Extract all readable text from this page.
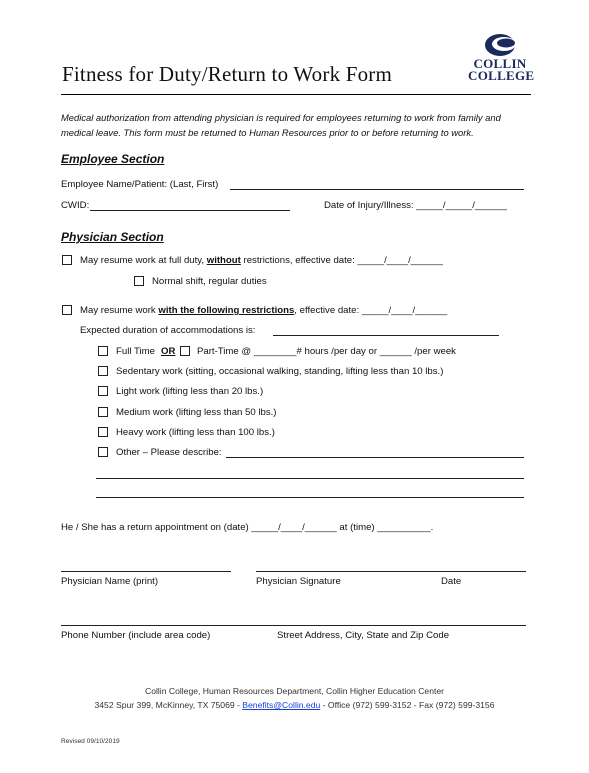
Fitness for Duty/Return to Work Form	COLLIN
COLLEGE
Medical authorization from attending physician is required for employees returning to work from family and medical leave. This form must be returned to Human Resources prior to or before returning to work.
Employee Section
Employee Name/Patient: (Last, First)
CWID:	Date of Injury/Illness: _____/_____/______
Physician Section
May resume work at full duty, without restrictions, effective date: _____/____/______
Normal shift, regular duties
May resume work with the following restrictions, effective date: _____/____/______
Expected duration of accommodations is:
Full Time OR Part-Time @ ________# hours /per day or ______ /per week
Sedentary work (sitting, occasional walking, standing, lifting less than 10 lbs.)
Light work (lifting less than 20 lbs.)
Medium work (lifting less than 50 lbs.)
Heavy work (lifting less than 100 lbs.)
Other – Please describe:
He / She has a return appointment on (date) _____/____/______ at (time) __________.
Physician Name (print)	Physician Signature	Date
Phone Number (include area code)	Street Address, City, State and Zip Code
Collin College, Human Resources Department, Collin Higher Education Center
3452 Spur 399, McKinney, TX 75069 - Benefits@Collin.edu - Office (972) 599-3152 - Fax (972) 599-3156
Revised 09/10/2019
